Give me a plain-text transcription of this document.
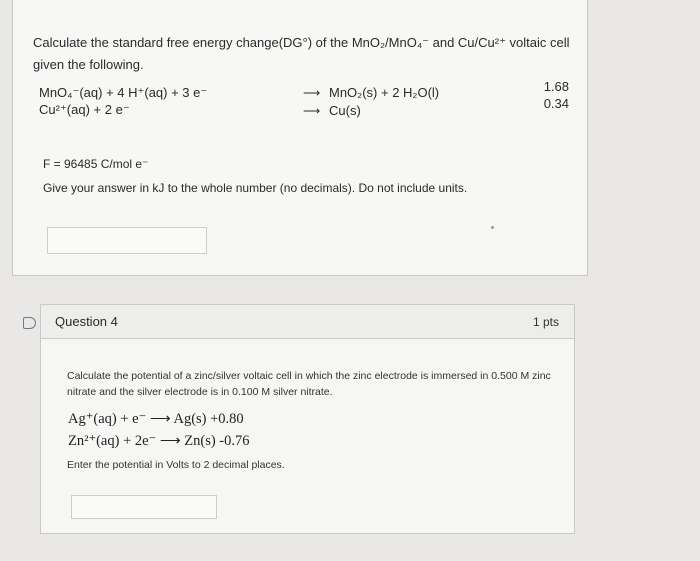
Calculate the standard free energy change(DG°) of the MnO₂/MnO₄⁻ and Cu/Cu²⁺ voltaic cell given the following.
MnO₄⁻(aq) + 4 H⁺(aq) + 3 e⁻
Cu²⁺(aq) + 2 e⁻
⟶ MnO₂(s) + 2 H₂O(l)
⟶ Cu(s)
1.68
0.34
F = 96485 C/mol e⁻
Give your answer in kJ to the whole number (no decimals). Do not include units.
Question 4	1 pts
Calculate the potential of a zinc/silver voltaic cell in which the zinc electrode is immersed in 0.500 M zinc nitrate and the silver electrode is in 0.100 M silver nitrate.
Ag⁺(aq) + e⁻ ⟶ Ag(s) +0.80
Zn²⁺(aq) + 2e⁻ ⟶ Zn(s) -0.76
Enter the potential in Volts to 2 decimal places.
